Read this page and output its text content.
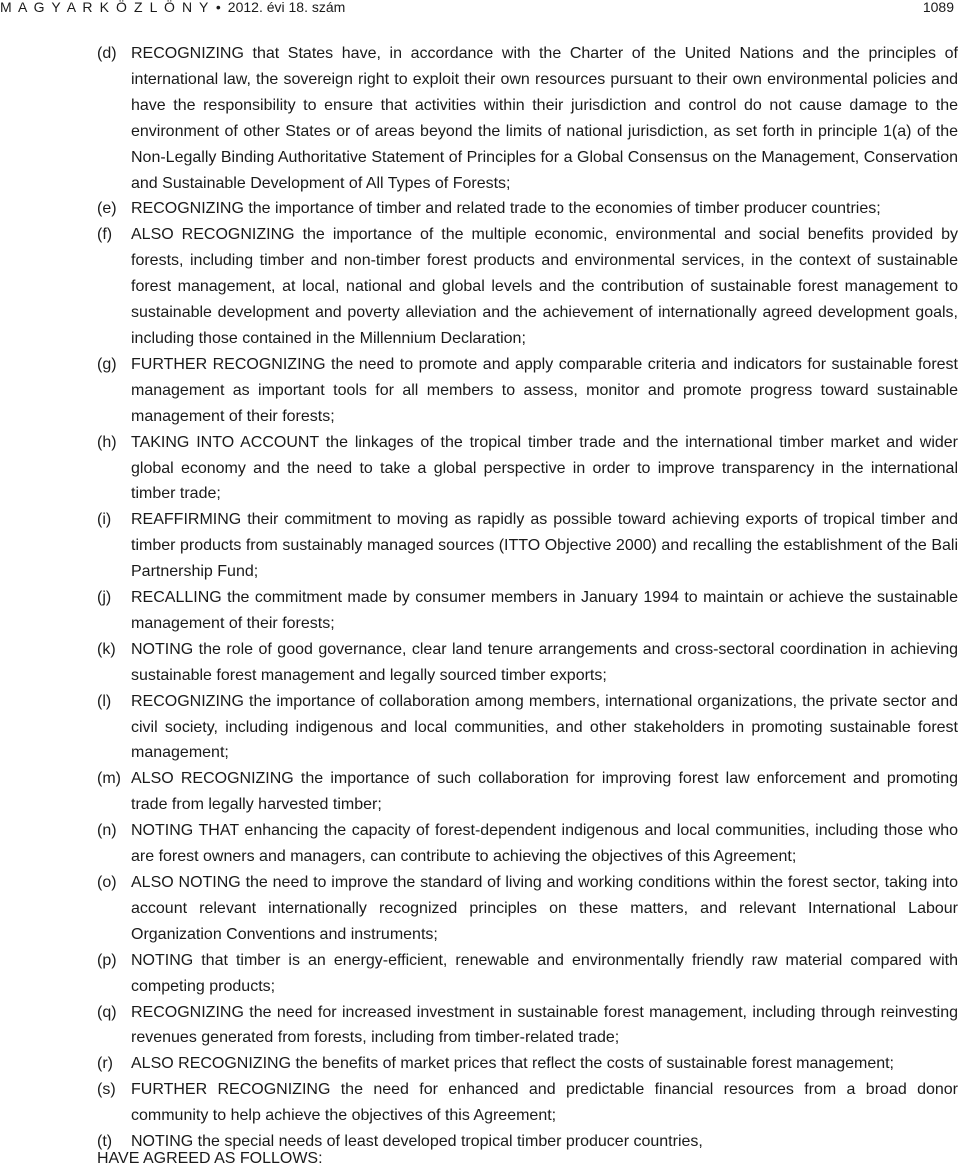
M A G Y A R K Ö Z L Ö N Y • 2012. évi 18. szám	1089
(d) RECOGNIZING that States have, in accordance with the Charter of the United Nations and the principles of international law, the sovereign right to exploit their own resources pursuant to their own environmental policies and have the responsibility to ensure that activities within their jurisdiction and control do not cause damage to the environment of other States or of areas beyond the limits of national jurisdiction, as set forth in principle 1(a) of the Non-Legally Binding Authoritative Statement of Principles for a Global Consensus on the Management, Conservation and Sustainable Development of All Types of Forests;
(e) RECOGNIZING the importance of timber and related trade to the economies of timber producer countries;
(f) ALSO RECOGNIZING the importance of the multiple economic, environmental and social benefits provided by forests, including timber and non-timber forest products and environmental services, in the context of sustainable forest management, at local, national and global levels and the contribution of sustainable forest management to sustainable development and poverty alleviation and the achievement of internationally agreed development goals, including those contained in the Millennium Declaration;
(g) FURTHER RECOGNIZING the need to promote and apply comparable criteria and indicators for sustainable forest management as important tools for all members to assess, monitor and promote progress toward sustainable management of their forests;
(h) TAKING INTO ACCOUNT the linkages of the tropical timber trade and the international timber market and wider global economy and the need to take a global perspective in order to improve transparency in the international timber trade;
(i) REAFFIRMING their commitment to moving as rapidly as possible toward achieving exports of tropical timber and timber products from sustainably managed sources (ITTO Objective 2000) and recalling the establishment of the Bali Partnership Fund;
(j) RECALLING the commitment made by consumer members in January 1994 to maintain or achieve the sustainable management of their forests;
(k) NOTING the role of good governance, clear land tenure arrangements and cross-sectoral coordination in achieving sustainable forest management and legally sourced timber exports;
(l) RECOGNIZING the importance of collaboration among members, international organizations, the private sector and civil society, including indigenous and local communities, and other stakeholders in promoting sustainable forest management;
(m) ALSO RECOGNIZING the importance of such collaboration for improving forest law enforcement and promoting trade from legally harvested timber;
(n) NOTING THAT enhancing the capacity of forest-dependent indigenous and local communities, including those who are forest owners and managers, can contribute to achieving the objectives of this Agreement;
(o) ALSO NOTING the need to improve the standard of living and working conditions within the forest sector, taking into account relevant internationally recognized principles on these matters, and relevant International Labour Organization Conventions and instruments;
(p) NOTING that timber is an energy-efficient, renewable and environmentally friendly raw material compared with competing products;
(q) RECOGNIZING the need for increased investment in sustainable forest management, including through reinvesting revenues generated from forests, including from timber-related trade;
(r) ALSO RECOGNIZING the benefits of market prices that reflect the costs of sustainable forest management;
(s) FURTHER RECOGNIZING the need for enhanced and predictable financial resources from a broad donor community to help achieve the objectives of this Agreement;
(t) NOTING the special needs of least developed tropical timber producer countries,

HAVE AGREED AS FOLLOWS:
